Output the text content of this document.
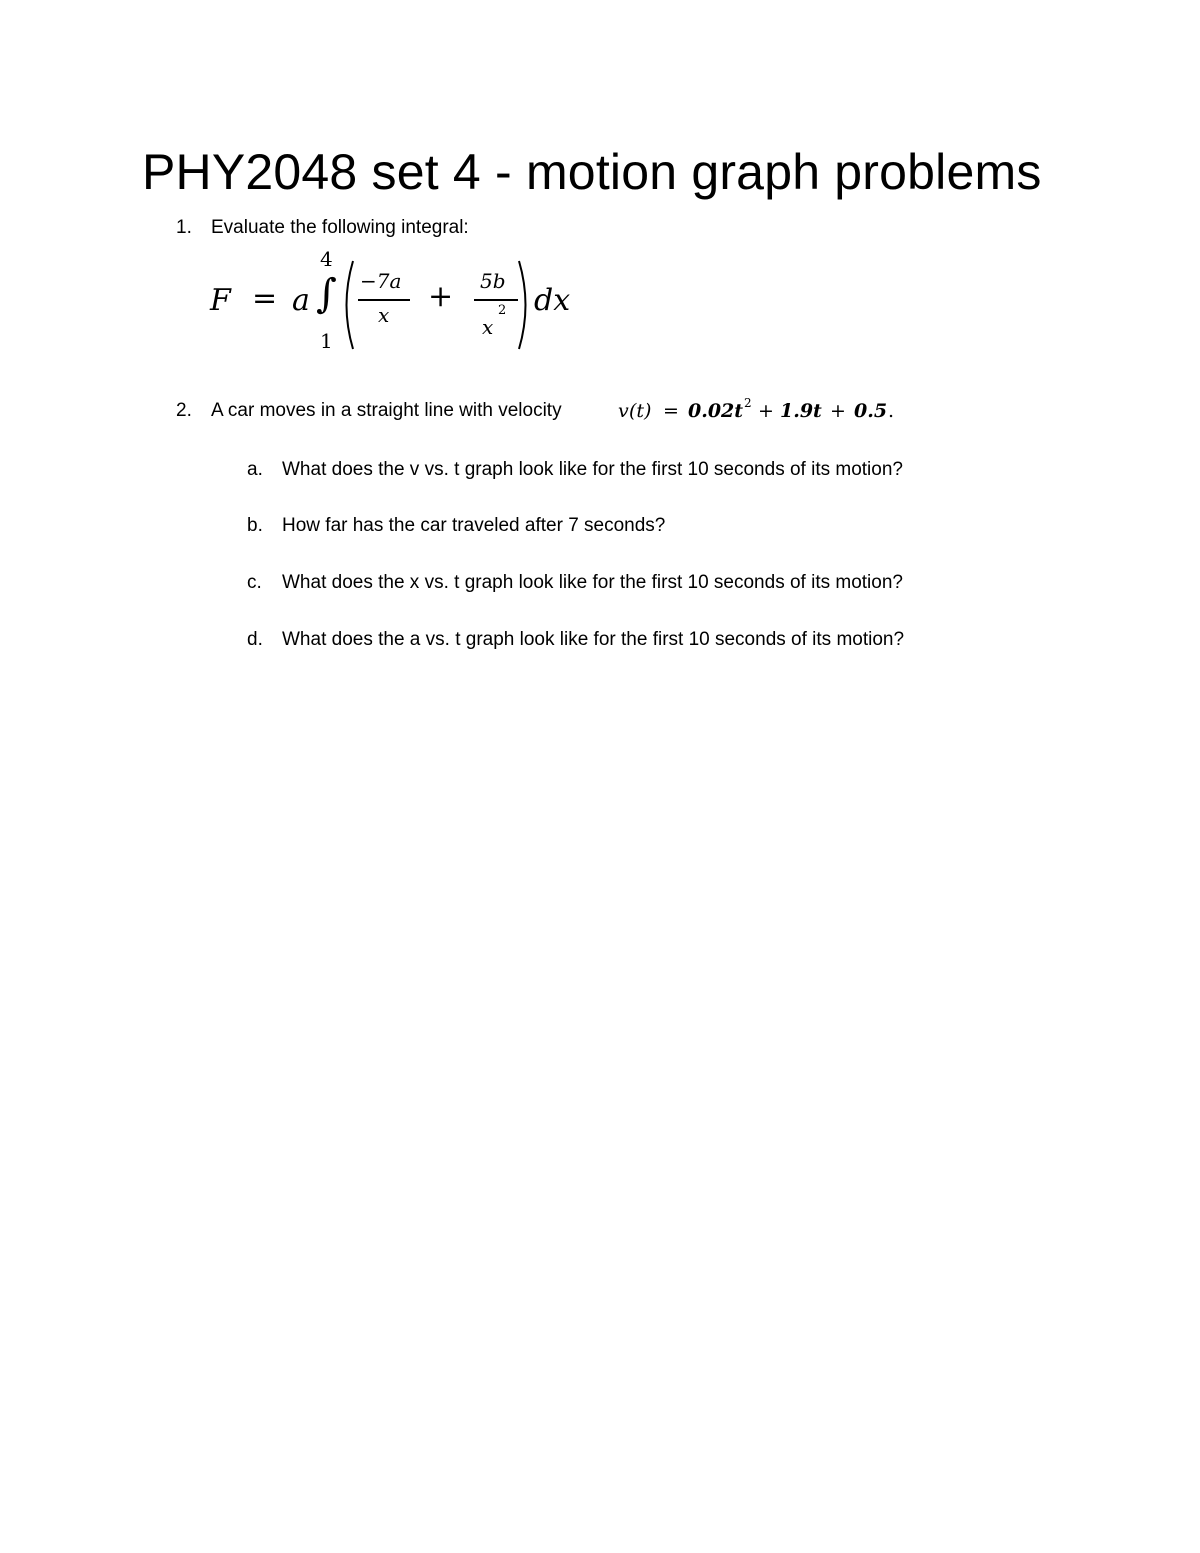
PHY2048 set 4 - motion graph problems
1. Evaluate the following integral:
F = a
4
∫
1
−7a
x
+ 5b
x
2 dx
2. A car moves in a straight line with velocity	v (t) = 0.02t 2 + 1.9t + 0.5 .
a. What does the v vs. t graph look like for the first 10 seconds of its motion?
b. How far has the car traveled after 7 seconds?
c. What does the x vs. t graph look like for the first 10 seconds of its motion?
d. What does the a vs. t graph look like for the first 10 seconds of its motion?
